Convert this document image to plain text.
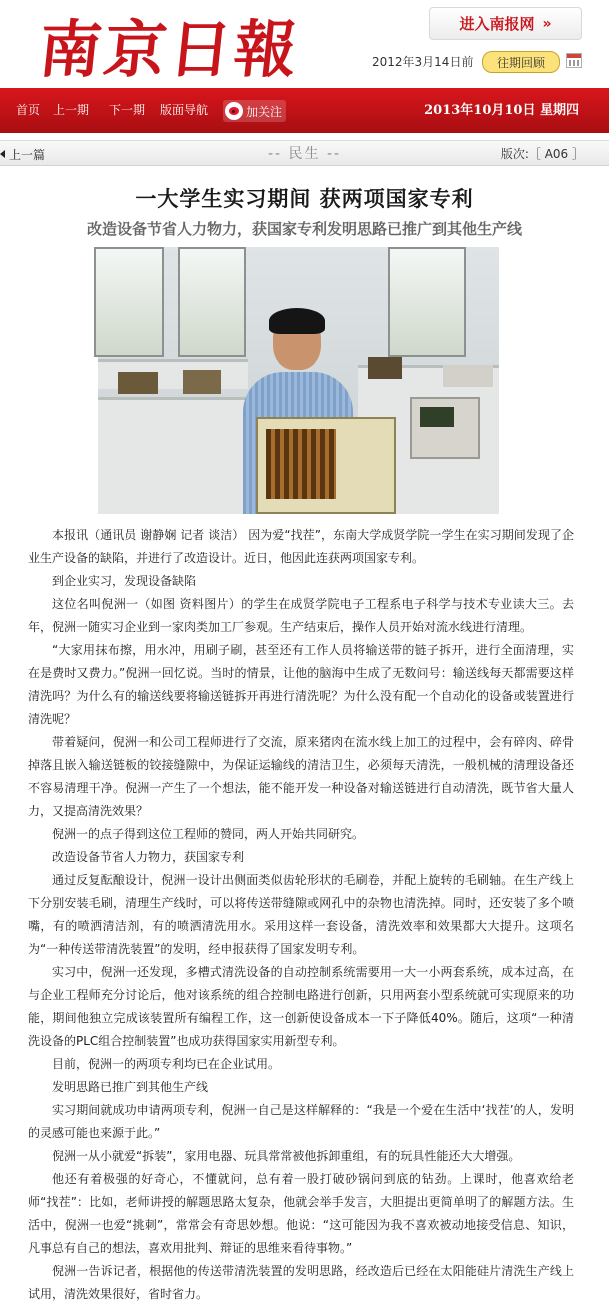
南京日報	进入南报网 »
2012年3月14日前	往期回顾
首页 上一期 下一期 版面导航	加关注	2013年10月10日 星期四
-- 民生 --
上一篇	版次:［ A06 ］
一大学生实习期间 获两项国家专利
改造设备节省人力物力，获国家专利发明思路已推广到其他生产线

本报讯（通讯员 谢静娴 记者 谈洁） 因为爱“找茬”，东南大学成贤学院一学生在实习期间发现了企业生产设备的缺陷，并进行了改造设计。近日，他因此连获两项国家专利。

到企业实习，发现设备缺陷

这位名叫倪洲一（如图 资料图片）的学生在成贤学院电子工程系电子科学与技术专业读大三。去年，倪洲一随实习企业到一家肉类加工厂参观。生产结束后，操作人员开始对流水线进行清理。

“大家用抹布擦，用水冲，用刷子刷，甚至还有工作人员将输送带的链子拆开，进行全面清理，实在是费时又费力。”倪洲一回忆说。当时的情景，让他的脑海中生成了无数问号：输送线每天都需要这样清洗吗？为什么有的输送线要将输送链拆开再进行清洗呢？为什么没有配一个自动化的设备或装置进行清洗呢？

带着疑问，倪洲一和公司工程师进行了交流，原来猪肉在流水线上加工的过程中，会有碎肉、碎骨掉落且嵌入输送链板的铰接缝隙中，为保证运输线的清洁卫生，必须每天清洗，一般机械的清理设备还不容易清理干净。倪洲一产生了一个想法，能不能开发一种设备对输送链进行自动清洗，既节省大量人力，又提高清洗效果？

倪洲一的点子得到这位工程师的赞同，两人开始共同研究。

改造设备节省人力物力，获国家专利

通过反复酝酿设计，倪洲一设计出侧面类似齿轮形状的毛刷卷，并配上旋转的毛刷轴。在生产线上下分别安装毛刷，清理生产线时，可以将传送带缝隙或网孔中的杂物也清洗掉。同时，还安装了多个喷嘴，有的喷洒清洁剂，有的喷洒清洗用水。采用这样一套设备，清洗效率和效果都大大提升。这项名为“一种传送带清洗装置”的发明，经申报获得了国家发明专利。

实习中，倪洲一还发现，多槽式清洗设备的自动控制系统需要用一大一小两套系统，成本过高，在与企业工程师充分讨论后，他对该系统的组合控制电路进行创新，只用两套小型系统就可实现原来的功能，期间他独立完成该装置所有编程工作，这一创新使设备成本一下子降低40%。随后，这项“一种清洗设备的PLC组合控制装置”也成功获得国家实用新型专利。

目前，倪洲一的两项专利均已在企业试用。

发明思路已推广到其他生产线

实习期间就成功申请两项专利，倪洲一自己是这样解释的：“我是一个爱在生活中‘找茬’的人，发明的灵感可能也来源于此。”

倪洲一从小就爱“拆装”，家用电器、玩具常常被他拆卸重组，有的玩具性能还大大增强。

他还有着极强的好奇心，不懂就问，总有着一股打破砂锅问到底的钻劲。上课时，他喜欢给老师“找茬”：比如，老师讲授的解题思路太复杂，他就会举手发言，大胆提出更简单明了的解题方法。生活中，倪洲一也爱“挑刺”，常常会有奇思妙想。他说：“这可能因为我不喜欢被动地接受信息、知识，凡事总有自己的想法，喜欢用批判、辩证的思维来看待事物。”

倪洲一告诉记者，根据他的传送带清洗装置的发明思路，经改造后已经在太阳能硅片清洗生产线上试用，清洗效果很好，省时省力。
